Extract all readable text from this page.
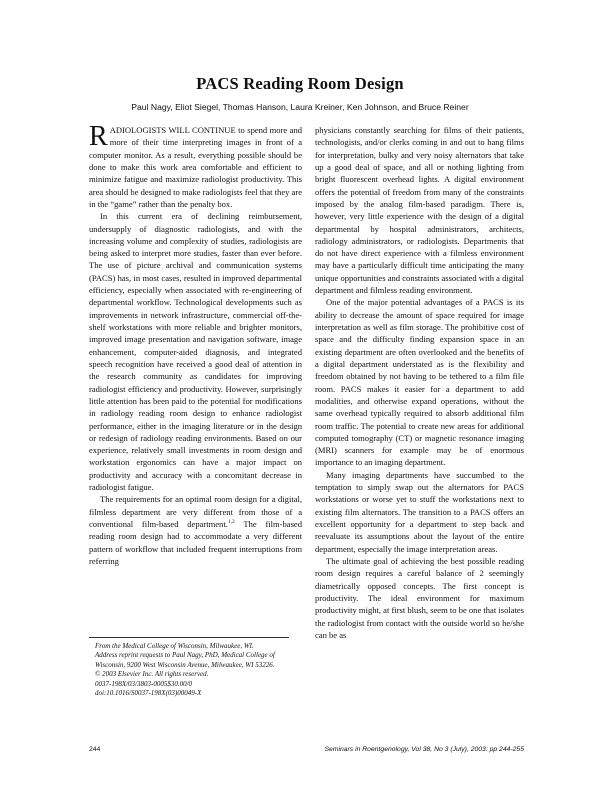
PACS Reading Room Design
Paul Nagy, Eliot Siegel, Thomas Hanson, Laura Kreiner, Ken Johnson, and Bruce Reiner

RADIOLOGISTS WILL CONTINUE to spend more and more of their time interpreting images in front of a computer monitor. As a result, everything possible should be done to make this work area comfortable and efficient to minimize fatigue and maximize radiologist productivity. This area should be designed to make radiologists feel that they are in the “game” rather than the penalty box.

In this current era of declining reimbursement, undersupply of diagnostic radiologists, and with the increasing volume and complexity of studies, radiologists are being asked to interpret more studies, faster than ever before. The use of picture archival and communication systems (PACS) has, in most cases, resulted in improved departmental efficiency, especially when associated with re-engineering of departmental workflow. Technological developments such as improvements in network infrastructure, commercial off-the-shelf workstations with more reliable and brighter monitors, improved image presentation and navigation software, image enhancement, computer-aided diagnosis, and integrated speech recognition have received a good deal of attention in the research community as candidates for improving radiologist efficiency and productivity. However, surprisingly little attention has been paid to the potential for modifications in radiology reading room design to enhance radiologist performance, either in the imaging literature or in the design or redesign of radiology reading environments. Based on our experience, relatively small investments in room design and workstation ergonomics can have a major impact on productivity and accuracy with a concomitant decrease in radiologist fatigue.

The requirements for an optimal room design for a digital, filmless department are very different from those of a conventional film-based department.$^{1,2}$ The film-based reading room design had to accommodate a very different pattern of workflow that included frequent interruptions from referring

physicians constantly searching for films of their patients, technologists, and/or clerks coming in and out to hang films for interpretation, bulky and very noisy alternators that take up a good deal of space, and all or nothing lighting from bright fluorescent overhead lights. A digital environment offers the potential of freedom from many of the constraints imposed by the analog film-based paradigm. There is, however, very little experience with the design of a digital departmental by hospital administrators, architects, radiology administrators, or radiologists. Departments that do not have direct experience with a filmless environment may have a particularly difficult time anticipating the many unique opportunities and constraints associated with a digital department and filmless reading environment.

One of the major potential advantages of a PACS is its ability to decrease the amount of space required for image interpretation as well as film storage. The prohibitive cost of space and the difficulty finding expansion space in an existing department are often overlooked and the benefits of a digital department understated as is the flexibility and freedom obtained by not having to be tethered to a film file room. PACS makes it easier for a department to add modalities, and otherwise expand operations, without the same overhead typically required to absorb additional film room traffic. The potential to create new areas for additional computed tomography (CT) or magnetic resonance imaging (MRI) scanners for example may be of enormous importance to an imaging department.

Many imaging departments have succumbed to the temptation to simply swap out the alternators for PACS workstations or worse yet to stuff the workstations next to existing film alternators. The transition to a PACS offers an excellent opportunity for a department to step back and reevaluate its assumptions about the layout of the entire department, especially the image interpretation areas.

The ultimate goal of achieving the best possible reading room design requires a careful balance of 2 seemingly diametrically opposed concepts. The first concept is productivity. The ideal environment for maximum productivity might, at first blush, seem to be one that isolates the radiologist from contact with the outside world so he/she can be as

From the Medical College of Wisconsin, Milwaukee, WI.

Address reprint requests to Paul Nagy, PhD, Medical College of Wisconsin, 9200 West Wisconsin Avenue, Milwaukee, WI 53226.

© 2003 Elsevier Inc. All rights reserved.

0037-198X/03/3803-0005$30.00/0

doi:10.1016/S0037-198X(03)00049-X

244	Seminars in Roentgenology, Vol 38, No 3 (July), 2003: pp 244-255
